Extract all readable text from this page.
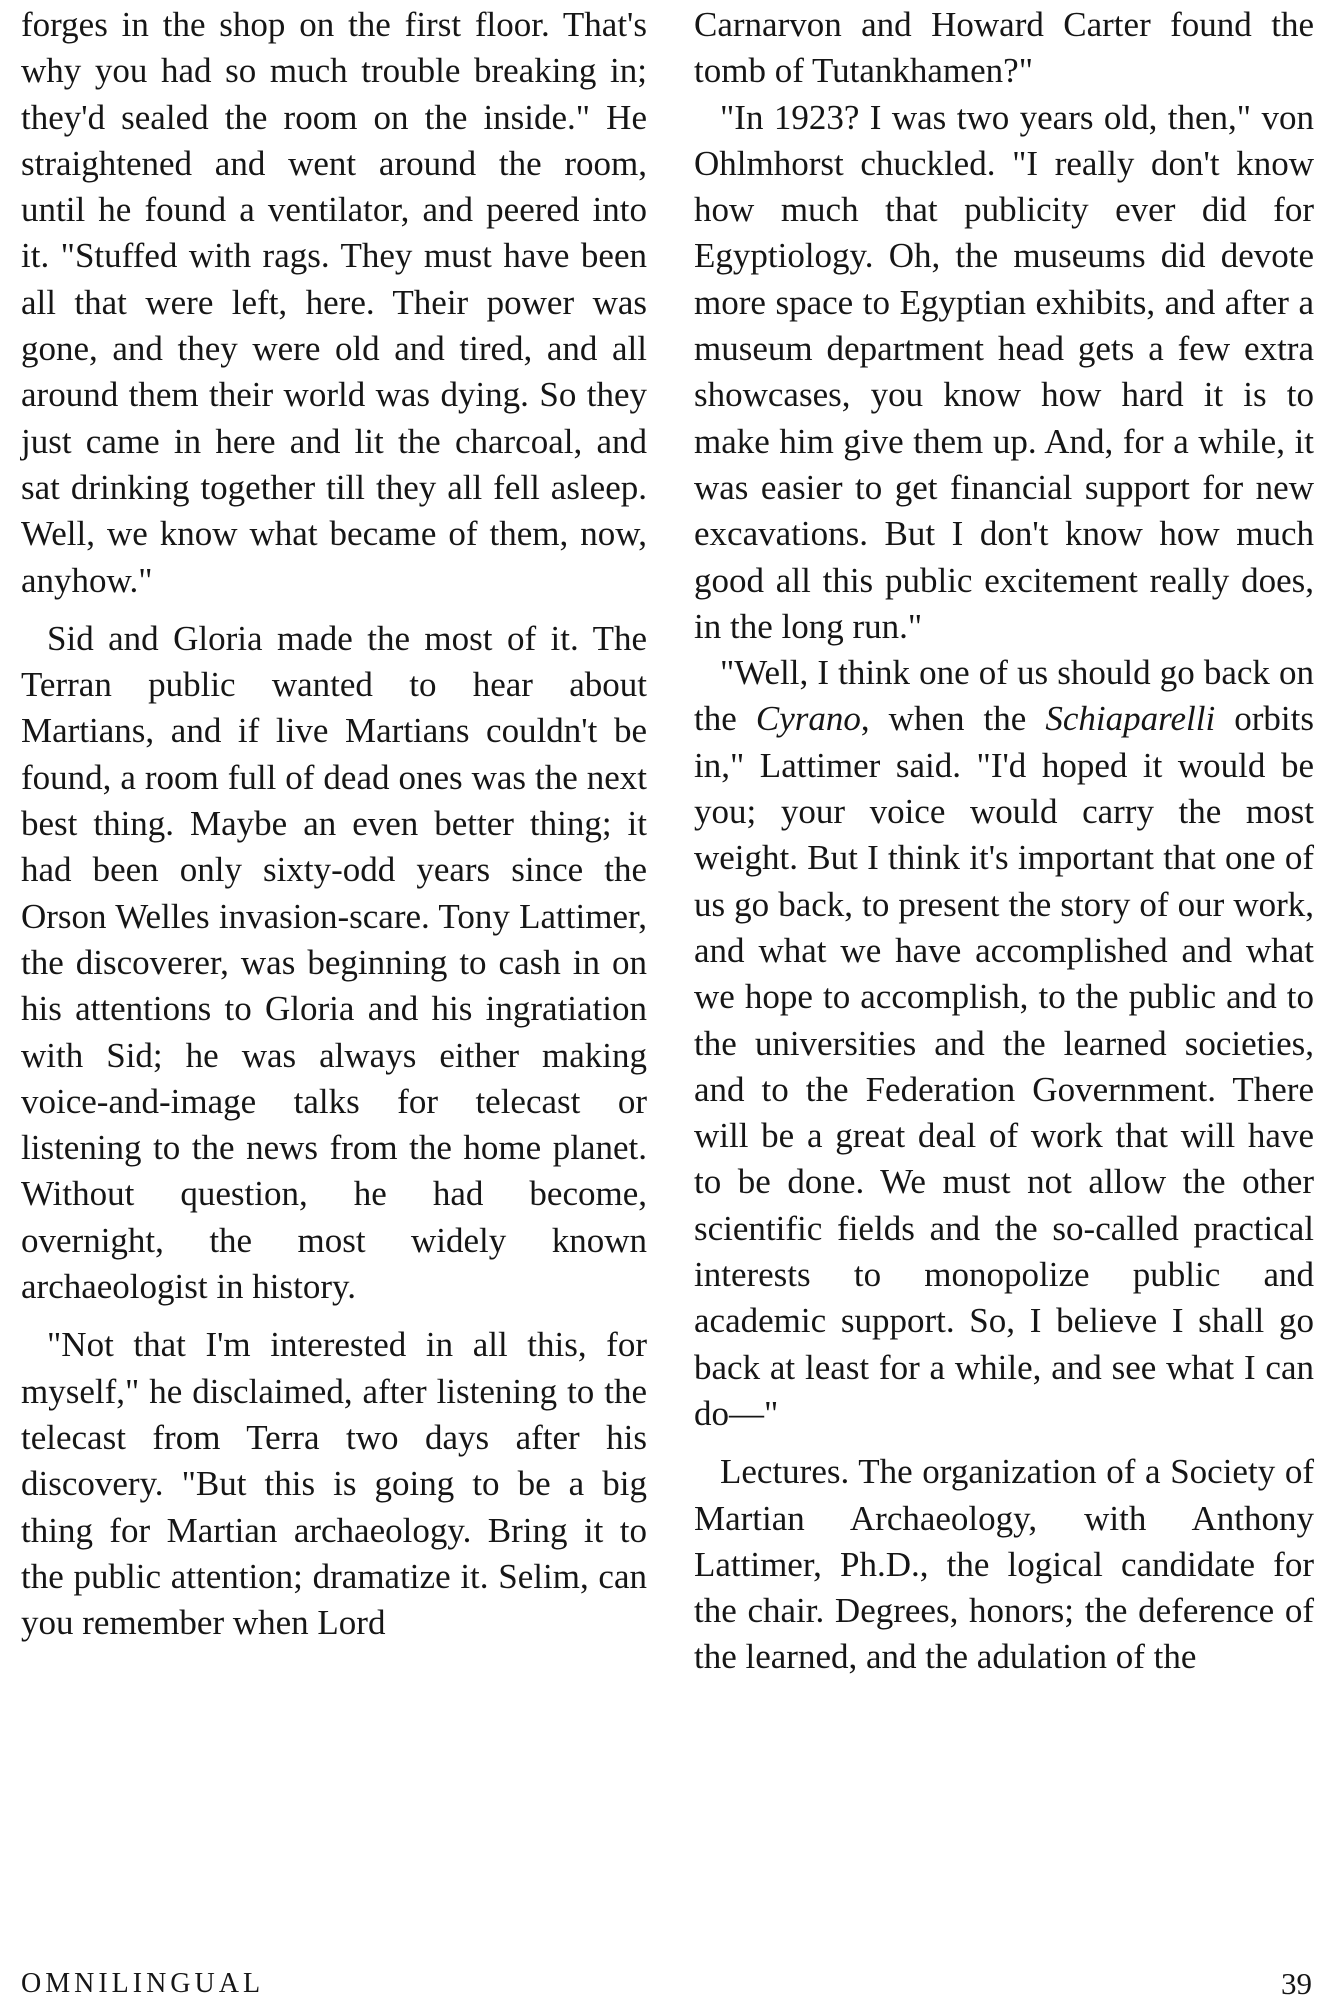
forges in the shop on the first floor. That's why you had so much trouble breaking in; they'd sealed the room on the inside." He straightened and went around the room, until he found a ventilator, and peered into it. "Stuffed with rags. They must have been all that were left, here. Their power was gone, and they were old and tired, and all around them their world was dying. So they just came in here and lit the charcoal, and sat drinking together till they all fell asleep. Well, we know what became of them, now, anyhow."

Sid and Gloria made the most of it. The Terran public wanted to hear about Martians, and if live Martians couldn't be found, a room full of dead ones was the next best thing. Maybe an even better thing; it had been only sixty-odd years since the Orson Welles invasion-scare. Tony Lattimer, the discoverer, was beginning to cash in on his attentions to Gloria and his ingratiation with Sid; he was always either making voice-and-image talks for telecast or listening to the news from the home planet. Without question, he had become, overnight, the most widely known archaeologist in history.

"Not that I'm interested in all this, for myself," he disclaimed, after listening to the telecast from Terra two days after his discovery. "But this is going to be a big thing for Martian archaeology. Bring it to the public attention; dramatize it. Selim, can you remember when Lord

Carnarvon and Howard Carter found the tomb of Tutankhamen?"

"In 1923? I was two years old, then," von Ohlmhorst chuckled. "I really don't know how much that publicity ever did for Egyptiology. Oh, the museums did devote more space to Egyptian exhibits, and after a museum department head gets a few extra showcases, you know how hard it is to make him give them up. And, for a while, it was easier to get financial support for new excavations. But I don't know how much good all this public excitement really does, in the long run."

"Well, I think one of us should go back on the Cyrano, when the Schiaparelli orbits in," Lattimer said. "I'd hoped it would be you; your voice would carry the most weight. But I think it's important that one of us go back, to present the story of our work, and what we have accomplished and what we hope to accomplish, to the public and to the universities and the learned societies, and to the Federation Government. There will be a great deal of work that will have to be done. We must not allow the other scientific fields and the so-called practical interests to monopolize public and academic support. So, I believe I shall go back at least for a while, and see what I can do—"

Lectures. The organization of a Society of Martian Archaeology, with Anthony Lattimer, Ph.D., the logical candidate for the chair. Degrees, honors; the deference of the learned, and the adulation of the

OMNILINGUAL	39
